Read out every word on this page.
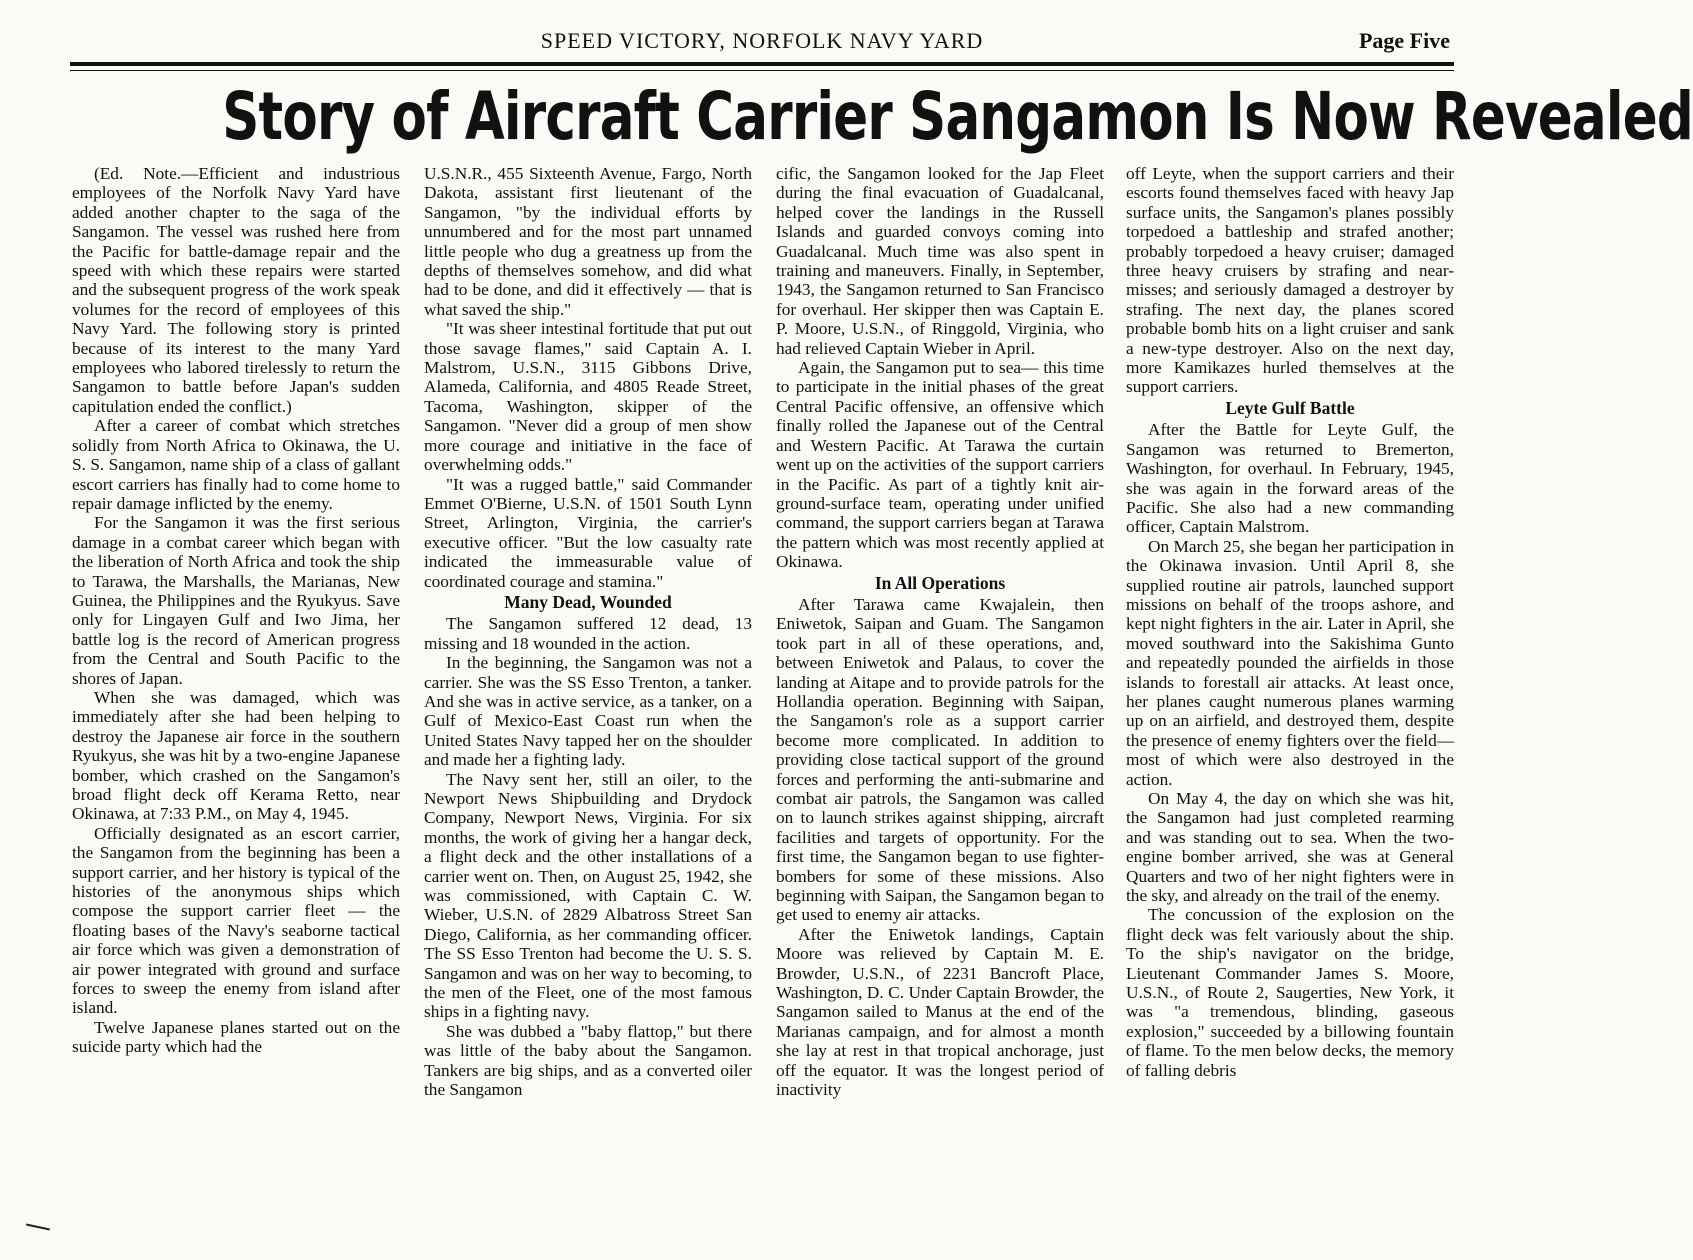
SPEED VICTORY, NORFOLK NAVY YARD	Page Five
Story of Aircraft Carrier Sangamon Is Now Revealed

(Ed. Note.—Efficient and industrious employees of the Norfolk Navy Yard have added another chapter to the saga of the Sangamon. The vessel was rushed here from the Pacific for battle-damage repair and the speed with which these repairs were started and the subsequent progress of the work speak volumes for the record of employees of this Navy Yard. The following story is printed because of its interest to the many Yard employees who labored tirelessly to return the Sangamon to battle before Japan's sudden capitulation ended the conflict.)

After a career of combat which stretches solidly from North Africa to Okinawa, the U. S. S. Sangamon, name ship of a class of gallant escort carriers has finally had to come home to repair damage inflicted by the enemy.

For the Sangamon it was the first serious damage in a combat career which began with the liberation of North Africa and took the ship to Tarawa, the Marshalls, the Marianas, New Guinea, the Philippines and the Ryukyus. Save only for Lingayen Gulf and Iwo Jima, her battle log is the record of American progress from the Central and South Pacific to the shores of Japan.

When she was damaged, which was immediately after she had been helping to destroy the Japanese air force in the southern Ryukyus, she was hit by a two-engine Japanese bomber, which crashed on the Sangamon's broad flight deck off Kerama Retto, near Okinawa, at 7:33 P.M., on May 4, 1945.

Officially designated as an escort carrier, the Sangamon from the beginning has been a support carrier, and her history is typical of the histories of the anonymous ships which compose the support carrier fleet — the floating bases of the Navy's seaborne tactical air force which was given a demonstration of air power integrated with ground and surface forces to sweep the enemy from island after island.

Twelve Japanese planes started out on the suicide party which had the

U.S.N.R., 455 Sixteenth Avenue, Fargo, North Dakota, assistant first lieutenant of the Sangamon, "by the individual efforts by unnumbered and for the most part unnamed little people who dug a greatness up from the depths of themselves somehow, and did what had to be done, and did it effectively — that is what saved the ship."

"It was sheer intestinal fortitude that put out those savage flames," said Captain A. I. Malstrom, U.S.N., 3115 Gibbons Drive, Alameda, California, and 4805 Reade Street, Tacoma, Washington, skipper of the Sangamon. "Never did a group of men show more courage and initiative in the face of overwhelming odds."

"It was a rugged battle," said Commander Emmet O'Bierne, U.S.N. of 1501 South Lynn Street, Arlington, Virginia, the carrier's executive officer. "But the low casualty rate indicated the immeasurable value of coordinated courage and stamina."

Many Dead, Wounded

The Sangamon suffered 12 dead, 13 missing and 18 wounded in the action.

In the beginning, the Sangamon was not a carrier. She was the SS Esso Trenton, a tanker. And she was in active service, as a tanker, on a Gulf of Mexico-East Coast run when the United States Navy tapped her on the shoulder and made her a fighting lady.

The Navy sent her, still an oiler, to the Newport News Shipbuilding and Drydock Company, Newport News, Virginia. For six months, the work of giving her a hangar deck, a flight deck and the other installations of a carrier went on. Then, on August 25, 1942, she was commissioned, with Captain C. W. Wieber, U.S.N. of 2829 Albatross Street San Diego, California, as her commanding officer. The SS Esso Trenton had become the U. S. S. Sangamon and was on her way to becoming, to the men of the Fleet, one of the most famous ships in a fighting navy.

She was dubbed a "baby flattop," but there was little of the baby about the Sangamon. Tankers are big ships, and as a converted oiler the Sangamon

cific, the Sangamon looked for the Jap Fleet during the final evacuation of Guadalcanal, helped cover the landings in the Russell Islands and guarded convoys coming into Guadalcanal. Much time was also spent in training and maneuvers. Finally, in September, 1943, the Sangamon returned to San Francisco for overhaul. Her skipper then was Captain E. P. Moore, U.S.N., of Ringgold, Virginia, who had relieved Captain Wieber in April.

Again, the Sangamon put to sea— this time to participate in the initial phases of the great Central Pacific offensive, an offensive which finally rolled the Japanese out of the Central and Western Pacific. At Tarawa the curtain went up on the activities of the support carriers in the Pacific. As part of a tightly knit air-ground-surface team, operating under unified command, the support carriers began at Tarawa the pattern which was most recently applied at Okinawa.

In All Operations

After Tarawa came Kwajalein, then Eniwetok, Saipan and Guam. The Sangamon took part in all of these operations, and, between Eniwetok and Palaus, to cover the landing at Aitape and to provide patrols for the Hollandia operation. Beginning with Saipan, the Sangamon's role as a support carrier become more complicated. In addition to providing close tactical support of the ground forces and performing the anti-submarine and combat air patrols, the Sangamon was called on to launch strikes against shipping, aircraft facilities and targets of opportunity. For the first time, the Sangamon began to use fighter-bombers for some of these missions. Also beginning with Saipan, the Sangamon began to get used to enemy air attacks.

After the Eniwetok landings, Captain Moore was relieved by Captain M. E. Browder, U.S.N., of 2231 Bancroft Place, Washington, D. C. Under Captain Browder, the Sangamon sailed to Manus at the end of the Marianas campaign, and for almost a month she lay at rest in that tropical anchorage, just off the equator. It was the longest period of inactivity

off Leyte, when the support carriers and their escorts found themselves faced with heavy Jap surface units, the Sangamon's planes possibly torpedoed a battleship and strafed another; probably torpedoed a heavy cruiser; damaged three heavy cruisers by strafing and near-misses; and seriously damaged a destroyer by strafing. The next day, the planes scored probable bomb hits on a light cruiser and sank a new-type destroyer. Also on the next day, more Kamikazes hurled themselves at the support carriers.

Leyte Gulf Battle

After the Battle for Leyte Gulf, the Sangamon was returned to Bremerton, Washington, for overhaul. In February, 1945, she was again in the forward areas of the Pacific. She also had a new commanding officer, Captain Malstrom.

On March 25, she began her participation in the Okinawa invasion. Until April 8, she supplied routine air patrols, launched support missions on behalf of the troops ashore, and kept night fighters in the air. Later in April, she moved southward into the Sakishima Gunto and repeatedly pounded the airfields in those islands to forestall air attacks. At least once, her planes caught numerous planes warming up on an airfield, and destroyed them, despite the presence of enemy fighters over the field—most of which were also destroyed in the action.

On May 4, the day on which she was hit, the Sangamon had just completed rearming and was standing out to sea. When the two-engine bomber arrived, she was at General Quarters and two of her night fighters were in the sky, and already on the trail of the enemy.

The concussion of the explosion on the flight deck was felt variously about the ship. To the ship's navigator on the bridge, Lieutenant Commander James S. Moore, U.S.N., of Route 2, Saugerties, New York, it was "a tremendous, blinding, gaseous explosion," succeeded by a billowing fountain of flame. To the men below decks, the memory of falling debris
